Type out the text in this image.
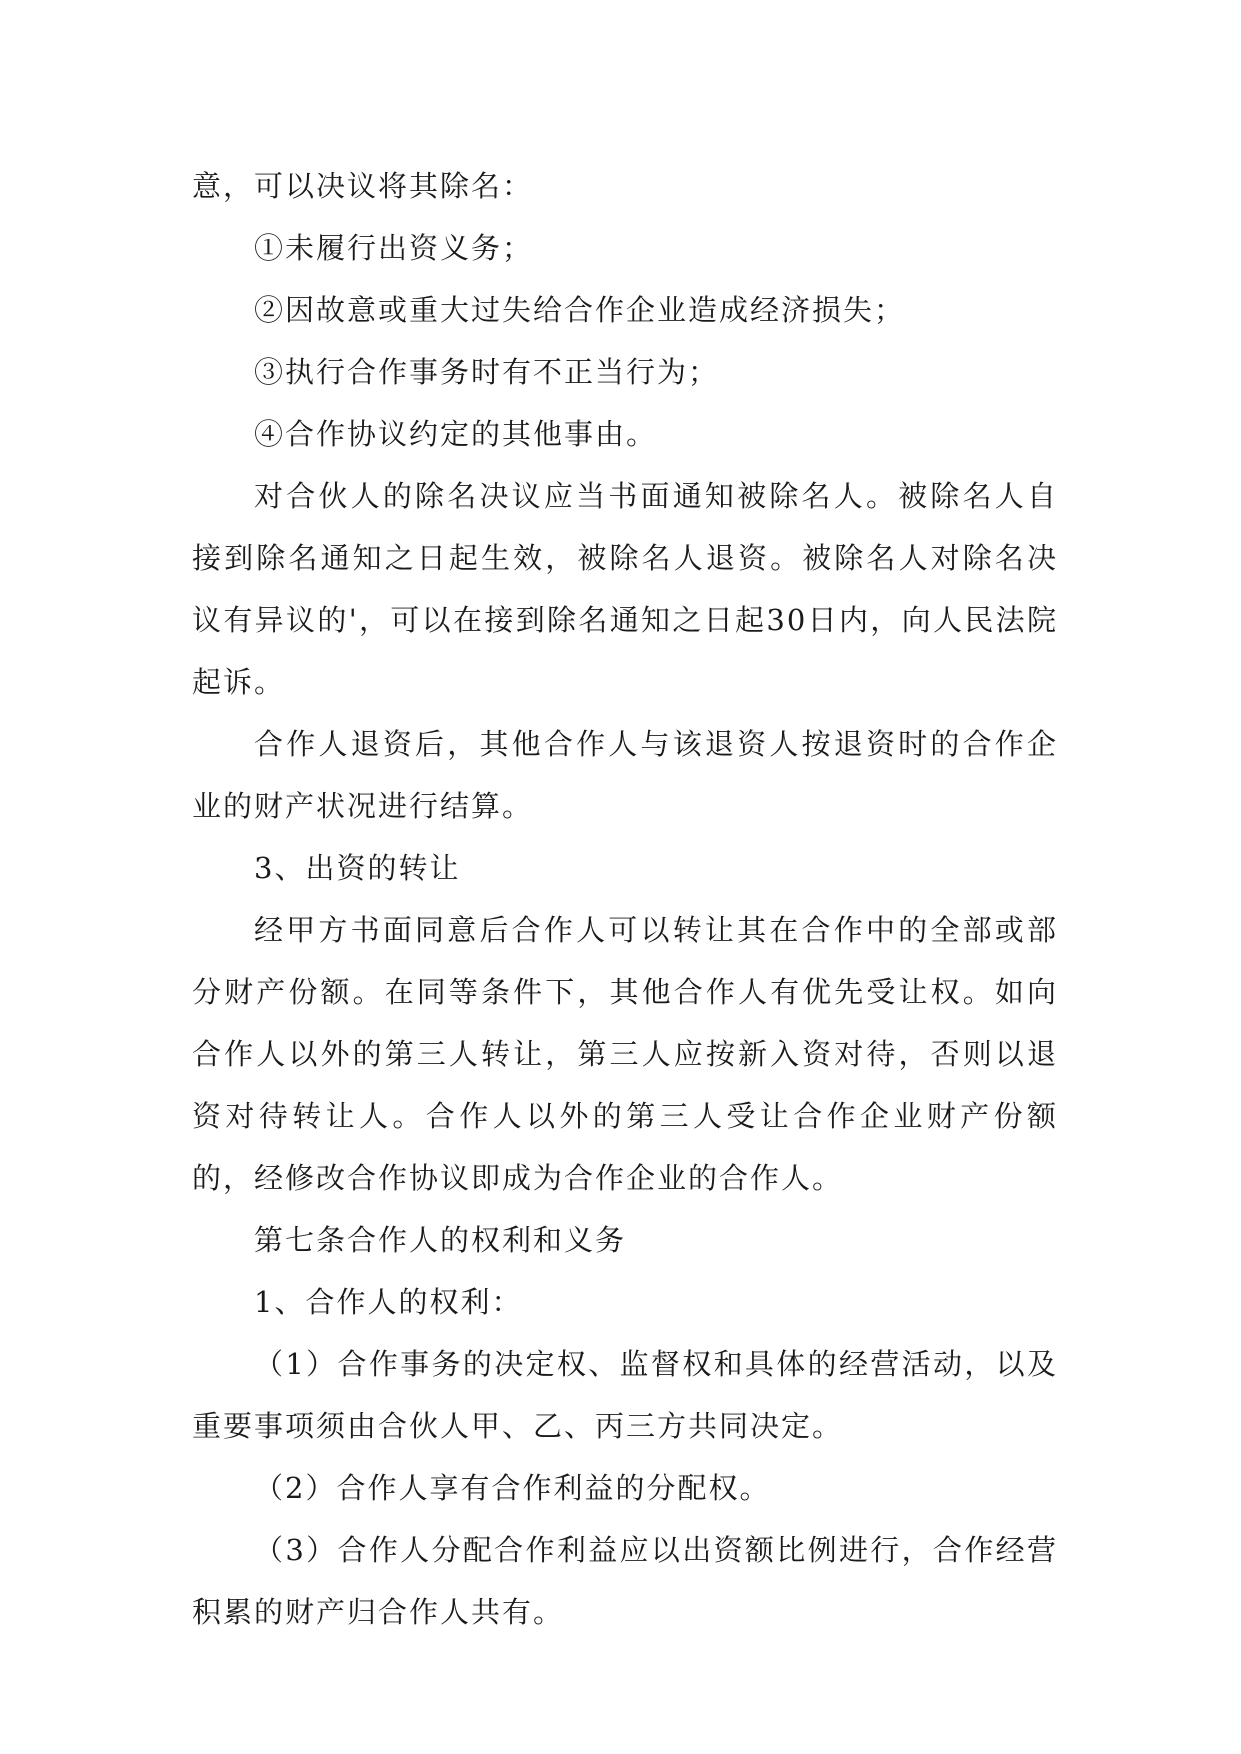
意，可以决议将其除名：

①未履行出资义务；

②因故意或重大过失给合作企业造成经济损失；

③执行合作事务时有不正当行为；

④合作协议约定的其他事由。

对合伙人的除名决议应当书面通知被除名人。被除名人自接到除名通知之日起生效，被除名人退资。被除名人对除名决议有异议的'，可以在接到除名通知之日起30日内，向人民法院起诉。

合作人退资后，其他合作人与该退资人按退资时的合作企业的财产状况进行结算。

3、出资的转让

经甲方书面同意后合作人可以转让其在合作中的全部或部分财产份额。在同等条件下，其他合作人有优先受让权。如向合作人以外的第三人转让，第三人应按新入资对待，否则以退资对待转让人。合作人以外的第三人受让合作企业财产份额的，经修改合作协议即成为合作企业的合作人。

第七条合作人的权利和义务

1、合作人的权利：

（1）合作事务的决定权、监督权和具体的经营活动，以及重要事项须由合伙人甲、乙、丙三方共同决定。

（2）合作人享有合作利益的分配权。

（3）合作人分配合作利益应以出资额比例进行，合作经营积累的财产归合作人共有。
